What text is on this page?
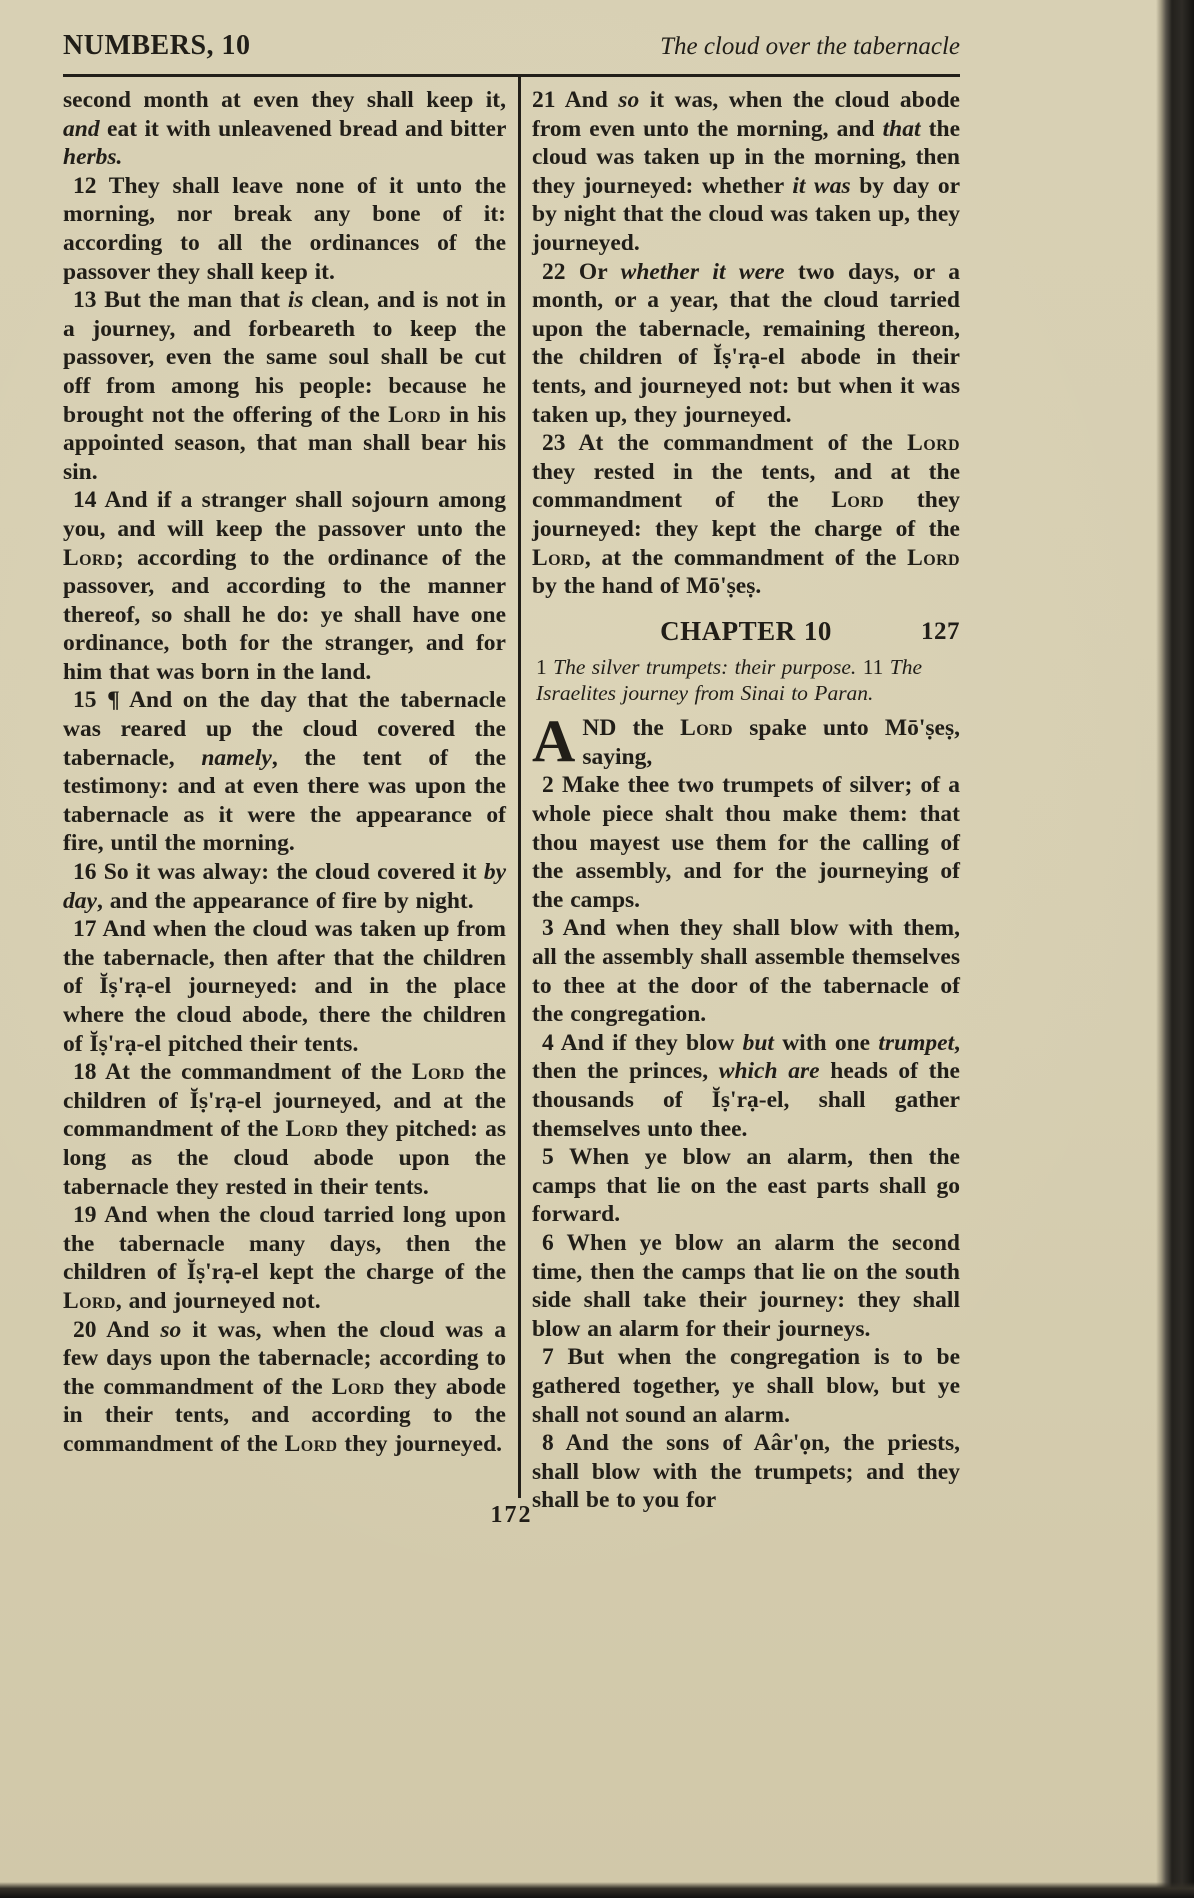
NUMBERS, 10	The cloud over the tabernacle

second month at even they shall keep it, and eat it with unleavened bread and bitter herbs.

12 They shall leave none of it unto the morning, nor break any bone of it: according to all the ordinances of the passover they shall keep it.

13 But the man that is clean, and is not in a journey, and forbeareth to keep the passover, even the same soul shall be cut off from among his people: because he brought not the offering of the Lord in his appointed season, that man shall bear his sin.

14 And if a stranger shall sojourn among you, and will keep the passover unto the Lord; according to the ordinance of the passover, and according to the manner thereof, so shall he do: ye shall have one ordinance, both for the stranger, and for him that was born in the land.

15 ¶ And on the day that the tabernacle was reared up the cloud covered the tabernacle, namely, the tent of the testimony: and at even there was upon the tabernacle as it were the appearance of fire, until the morning.

16 So it was alway: the cloud covered it by day, and the appearance of fire by night.

17 And when the cloud was taken up from the tabernacle, then after that the children of Ĭṣ'rạ-el journeyed: and in the place where the cloud abode, there the children of Ĭṣ'rạ-el pitched their tents.

18 At the commandment of the Lord the children of Ĭṣ'rạ-el journeyed, and at the commandment of the Lord they pitched: as long as the cloud abode upon the tabernacle they rested in their tents.

19 And when the cloud tarried long upon the tabernacle many days, then the children of Ĭṣ'rạ-el kept the charge of the Lord, and journeyed not.

20 And so it was, when the cloud was a few days upon the tabernacle; according to the commandment of the Lord they abode in their tents, and according to the commandment of the Lord they journeyed.

21 And so it was, when the cloud abode from even unto the morning, and that the cloud was taken up in the morning, then they journeyed: whether it was by day or by night that the cloud was taken up, they journeyed.

22 Or whether it were two days, or a month, or a year, that the cloud tarried upon the tabernacle, remaining thereon, the children of Ĭṣ'rạ-el abode in their tents, and journeyed not: but when it was taken up, they journeyed.

23 At the commandment of the Lord they rested in the tents, and at the commandment of the Lord they journeyed: they kept the charge of the Lord, at the commandment of the Lord by the hand of Mō'ṣeṣ.

CHAPTER 10	127

1 The silver trumpets: their purpose. 11 The Israelites journey from Sinai to Paran.

AND the Lord spake unto Mō'ṣeṣ, saying,

2 Make thee two trumpets of silver; of a whole piece shalt thou make them: that thou mayest use them for the calling of the assembly, and for the journeying of the camps.

3 And when they shall blow with them, all the assembly shall assemble themselves to thee at the door of the tabernacle of the congregation.

4 And if they blow but with one trumpet, then the princes, which are heads of the thousands of Ĭṣ'rạ-el, shall gather themselves unto thee.

5 When ye blow an alarm, then the camps that lie on the east parts shall go forward.

6 When ye blow an alarm the second time, then the camps that lie on the south side shall take their journey: they shall blow an alarm for their journeys.

7 But when the congregation is to be gathered together, ye shall blow, but ye shall not sound an alarm.

8 And the sons of Aâr'ọn, the priests, shall blow with the trumpets; and they shall be to you for

172
